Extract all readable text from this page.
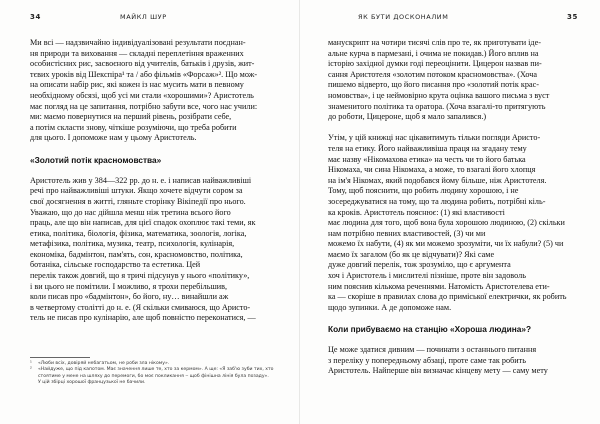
34	МАЙКЛ ШУР
Ми всі — надзвичайно індивідуалізовані результати поєднан-
ня природи та виховання — складні переплетіння враженних
особистісних рис, засвоєного від учителів, батьків і друзів, жит-
тєвих уроків від Шекспіра¹ та / або фільмів «Форсаж»². Що мож-
на описати набір рис, які кожен із нас мусить мати в певному
необхідному обсязі, щоб усі ми стали «хорошими»? Аристотель
має погляд на це запитання, потрібно забути все, чого нас учили:
ми: маємо повернутися на перший рівень, розібрати себе,
а потім скласти знову, чіткіше розуміючи, що треба робити
для цього. І допоможе нам у цьому Аристотель.
«Золотий потік красномовства»
Аристотель жив у 384—322 рр. до н. е. і написав найважливіші
речі про найважливіші штуки. Якщо хочете відчути сором за
свої досягнення в житті, гляньте сторінку Вікіпедії про нього.
Уважаю, що до нас дійшла менш ніж третина всього його
праць, але що він написав, для цієї спадок охоплює такі теми, як
етика, політика, біологія, фізика, математика, зоологія, логіка,
метафізика, політика, музика, театр, психологія, кулінарія,
економіка, бадмінтон, пам'ять, сон, красномовство, політика,
ботаніка, сільське господарство та естетика. Цей
перелік також довгий, що я тричі підсунув у нього «політику»,
і ви цього не помітили. І можливо, я трохи перебільшив,
коли писав про «бадмінтон», бо його, ну… винайшли аж
в четвертому столітті до н. е. (Я скільки смиваюся, що Аристо-
тель не писав про кулінарію, але щоб повністю переконатися, —
¹ «Люби всіх, довіряй небагатьом, не роби зла нікому».
² «Найдуже, що під капотом. Має значення лише те, хто за кермом». А ще: «Я заб'ю зуби тих, хто
стоятиме у мене на шляху до перемоги, бо моє покликання ‒ щоб фінішна лінія була позаду».
У цій збірці хорошої французької не бачили.
ЯК БУТИ ДОСКОНАЛИМ	35
манускрипт на чотири тисячі слів про те, як приготувати іде-
альне курча в пармезані, і очима не покидав.) Його вплив на
історію західної думки годі переоцінити. Цицерон назвав пи-
сання Аристотеля «золотим потоком красномовства». (Хоча
пишемо відверто, що його писання про «золотий потік крас-
номовства», і це неймовірно крута оцінка вашого письма з вуст
знаменитого політика та оратора. (Хоча взагалі-то притягують
до роботи, Цицероне, щоб я мало запалився.)
Утім, у цій книжці нас цікавитимуть тільки погляди Аристо-
теля на етику. Його найважливіша праця на згадану тему
має назву «Нікомахова етика» на честь чи то його батька
Нікомаха, чи сина Нікомаха, а може, то взагалі його хлопця
на ім'я Нікомах, який подобався йому більше, ніж Аристотеля.
Тому, щоб пояснити, що робить людину хорошою, і не
зосереджуватися на тому, що та людина робить, потрібні кіль-
ка кроків. Аристотель пояснює: (1) які властивості
має людина для того, щоб вона була хорошою людиною, (2) скільки
нам потрібно певних властивостей, (3) чи ми
можемо їх набути, (4) як ми можемо зрозуміти, чи їх набули? (5) чи
маємо їх загалом (бо як це відчувати)? Які саме
дуже довгий перелік, тож зрозуміло, що є аргумента
хоч і Аристотель і мислителі пізніше, проте він задоволь
ним пояснив кількома реченнями. Натомість Аристотелева ети-
ка — скоріше в правилах слова до приміської електрички, як робить
щодо зупинки. А де допоможе нам.
Коли прибуваємо на станцію «Хороша людина»?
Це може здатися дивним — починати з останнього питання
з переліку у попередньому абзаці, проте саме так робить
Аристотель. Найперше він визначає кінцеву мету — саму мету
